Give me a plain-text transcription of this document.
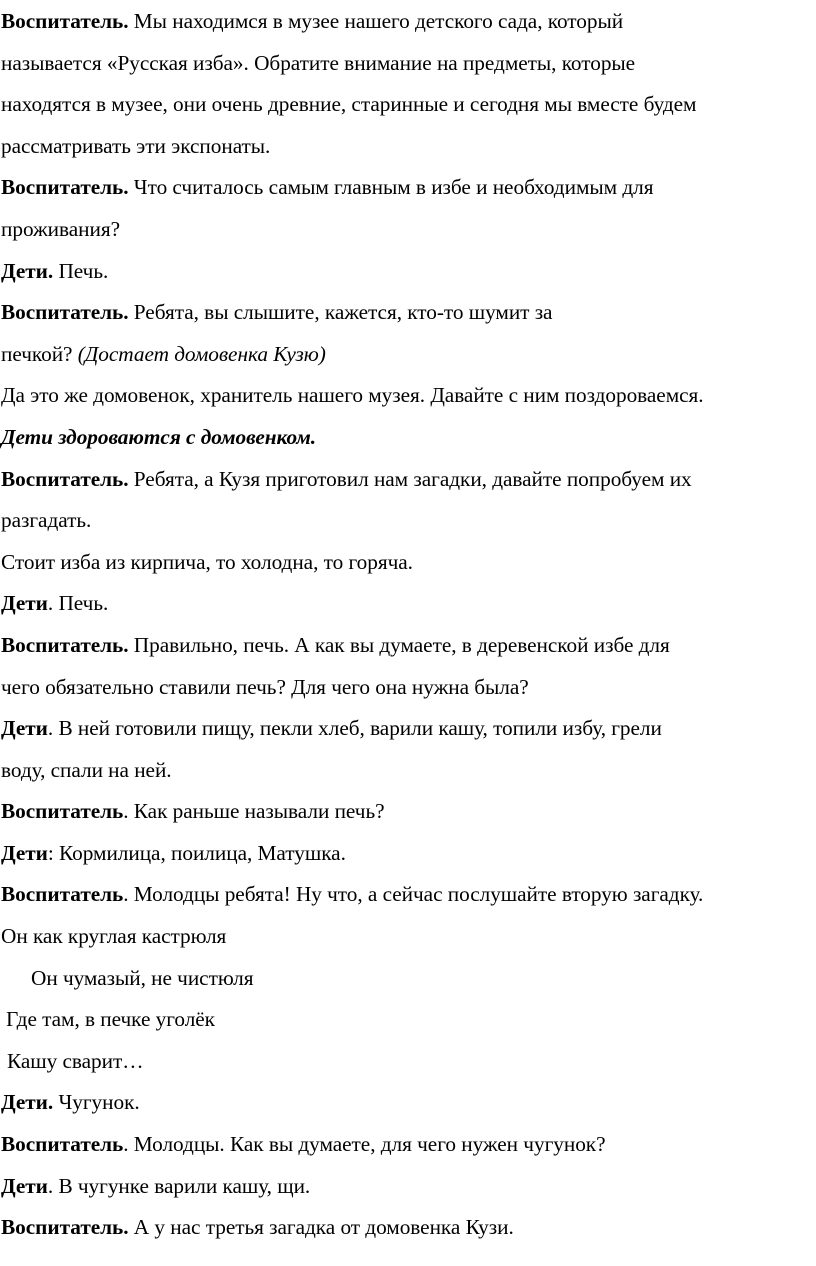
Воспитатель. Мы находимся в музее нашего детского сада, который

называется «Русская изба». Обратите внимание на предметы, которые

находятся в музее, они очень древние, старинные и сегодня мы вместе будем

рассматривать эти экспонаты.

Воспитатель. Что считалось самым главным в избе и необходимым для

проживания?

Дети. Печь.

Воспитатель. Ребята, вы слышите, кажется, кто-то шумит за

печкой? (Достает домовенка Кузю)

Да это же домовенок, хранитель нашего музея. Давайте с ним поздороваемся.

Дети здороваются с домовенком.

Воспитатель. Ребята, а Кузя приготовил нам загадки, давайте попробуем их

разгадать.

Стоит изба из кирпича, то холодна, то горяча.

Дети. Печь.

Воспитатель. Правильно, печь. А как вы думаете, в деревенской избе для

чего обязательно ставили печь? Для чего она нужна была?

Дети. В ней готовили пищу, пекли хлеб, варили кашу, топили избу, грели

воду, спали на ней.

Воспитатель. Как раньше называли печь?

Дети: Кормилица, поилица, Матушка.

Воспитатель. Молодцы ребята! Ну что, а сейчас послушайте вторую загадку.

Он как круглая кастрюля

Он чумазый, не чистюля

Где там, в печке уголёк

Кашу сварит…

Дети. Чугунок.

Воспитатель. Молодцы. Как вы думаете, для чего нужен чугунок?

Дети. В чугунке варили кашу, щи.

Воспитатель. А у нас третья загадка от домовенка Кузи.
